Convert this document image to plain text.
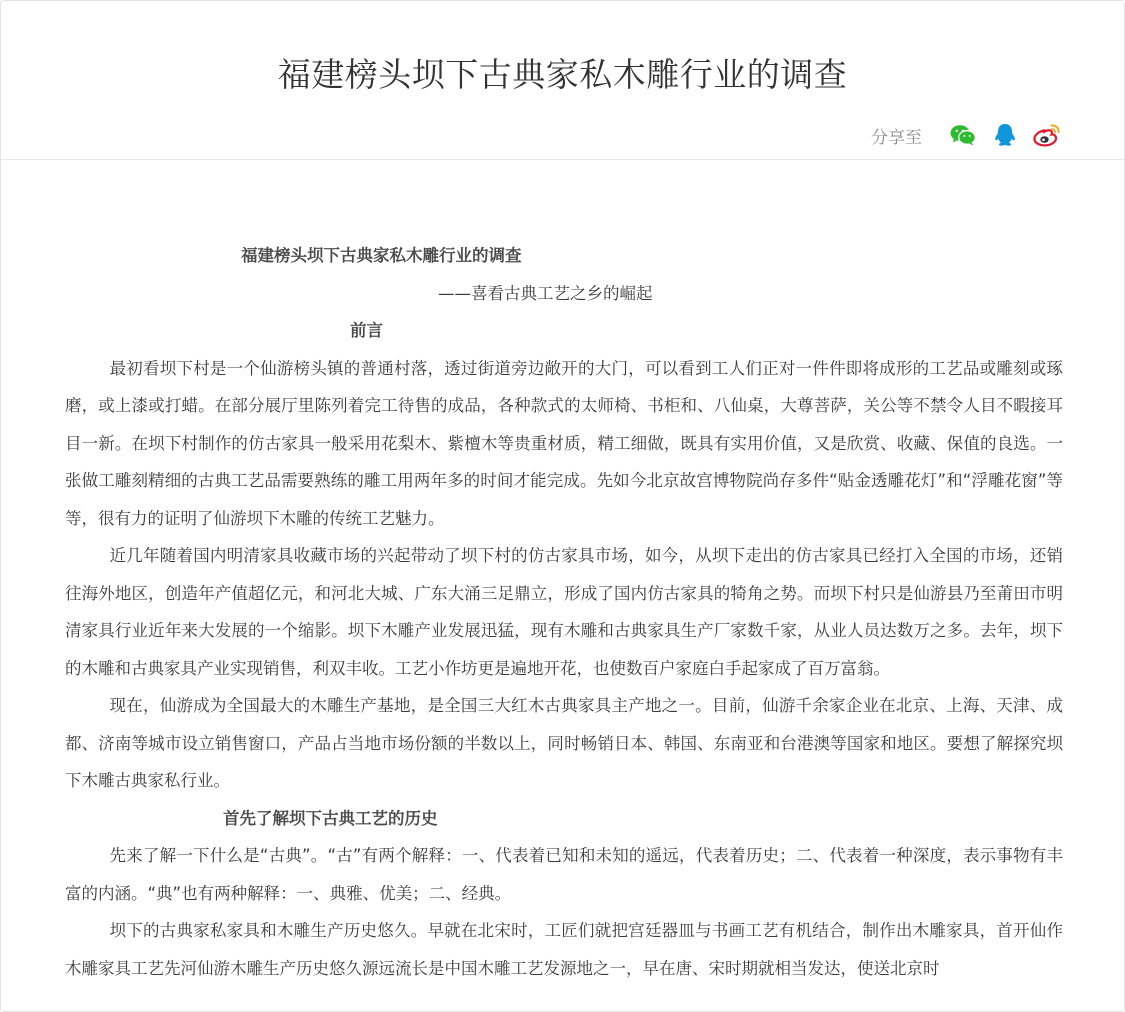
福建榜头坝下古典家私木雕行业的调查
分享至

福建榜头坝下古典家私木雕行业的调查

——喜看古典工艺之乡的崛起

前言

最初看坝下村是一个仙游榜头镇的普通村落，透过街道旁边敞开的大门，可以看到工人们正对一件件即将成形的工艺品或雕刻或琢磨，或上漆或打蜡。在部分展厅里陈列着完工待售的成品，各种款式的太师椅、书柜和、八仙桌，大尊菩萨，关公等不禁令人目不暇接耳目一新。在坝下村制作的仿古家具一般采用花梨木、紫檀木等贵重材质，精工细做，既具有实用价值，又是欣赏、收藏、保值的良选。一张做工雕刻精细的古典工艺品需要熟练的雕工用两年多的时间才能完成。先如今北京故宫博物院尚存多件“贴金透雕花灯”和“浮雕花窗”等等，很有力的证明了仙游坝下木雕的传统工艺魅力。

近几年随着国内明清家具收藏市场的兴起带动了坝下村的仿古家具市场，如今，从坝下走出的仿古家具已经打入全国的市场，还销往海外地区，创造年产值超亿元，和河北大城、广东大涌三足鼎立，形成了国内仿古家具的犄角之势。而坝下村只是仙游县乃至莆田市明清家具行业近年来大发展的一个缩影。坝下木雕产业发展迅猛，现有木雕和古典家具生产厂家数千家，从业人员达数万之多。去年，坝下的木雕和古典家具产业实现销售，利双丰收。工艺小作坊更是遍地开花，也使数百户家庭白手起家成了百万富翁。

现在，仙游成为全国最大的木雕生产基地，是全国三大红木古典家具主产地之一。目前，仙游千余家企业在北京、上海、天津、成都、济南等城市设立销售窗口，产品占当地市场份额的半数以上，同时畅销日本、韩国、东南亚和台港澳等国家和地区。要想了解探究坝下木雕古典家私行业。

首先了解坝下古典工艺的历史

先来了解一下什么是“古典”。“古”有两个解释：一、代表着已知和未知的遥远，代表着历史；二、代表着一种深度，表示事物有丰富的内涵。“典”也有两种解释：一、典雅、优美；二、经典。

坝下的古典家私家具和木雕生产历史悠久。早就在北宋时，工匠们就把宫廷器皿与书画工艺有机结合，制作出木雕家具，首开仙作木雕家具工艺先河仙游木雕生产历史悠久源远流长是中国木雕工艺发源地之一，早在唐、宋时期就相当发达，使送北京时
